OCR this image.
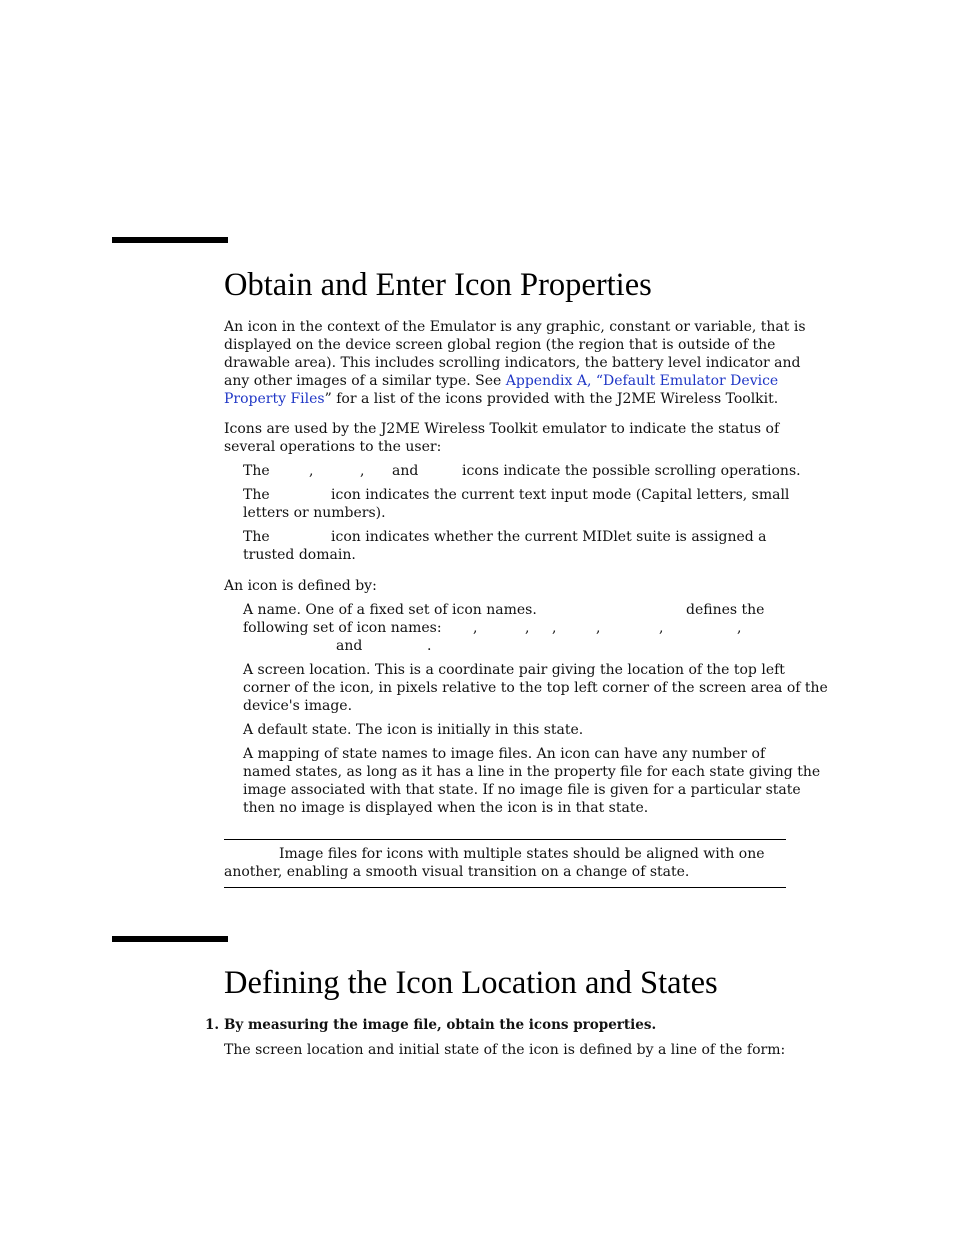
Obtain and Enter Icon Properties
An icon in the context of the Emulator is any graphic, constant or variable, that is
displayed on the device screen global region (the region that is outside of the
drawable area). This includes scrolling indicators, the battery level indicator and
any other images of a similar type. See Appendix A, “Default Emulator Device
Property Files” for a list of the icons provided with the J2ME Wireless Toolkit.
Icons are used by the J2ME Wireless Toolkit emulator to indicate the status of
several operations to the user:
The	,	, and	icons indicate the possible scrolling operations.
The	icon indicates the current text input mode (Capital letters, small
letters or numbers).
The	icon indicates whether the current MIDlet suite is assigned a
trusted domain.
An icon is defined by:
A name. One of a fixed set of icon names.	defines the
following set of icon names: ,	, ,	,	,	,
and	.
A screen location. This is a coordinate pair giving the location of the top left
corner of the icon, in pixels relative to the top left corner of the screen area of the
device's image.
A default state. The icon is initially in this state.
A mapping of state names to image files. An icon can have any number of
named states, as long as it has a line in the property file for each state giving the
image associated with that state. If no image file is given for a particular state
then no image is displayed when the icon is in that state.
Image files for icons with multiple states should be aligned with one
another, enabling a smooth visual transition on a change of state.
Defining the Icon Location and States
1. By measuring the image file, obtain the icons properties.
The screen location and initial state of the icon is defined by a line of the form:
